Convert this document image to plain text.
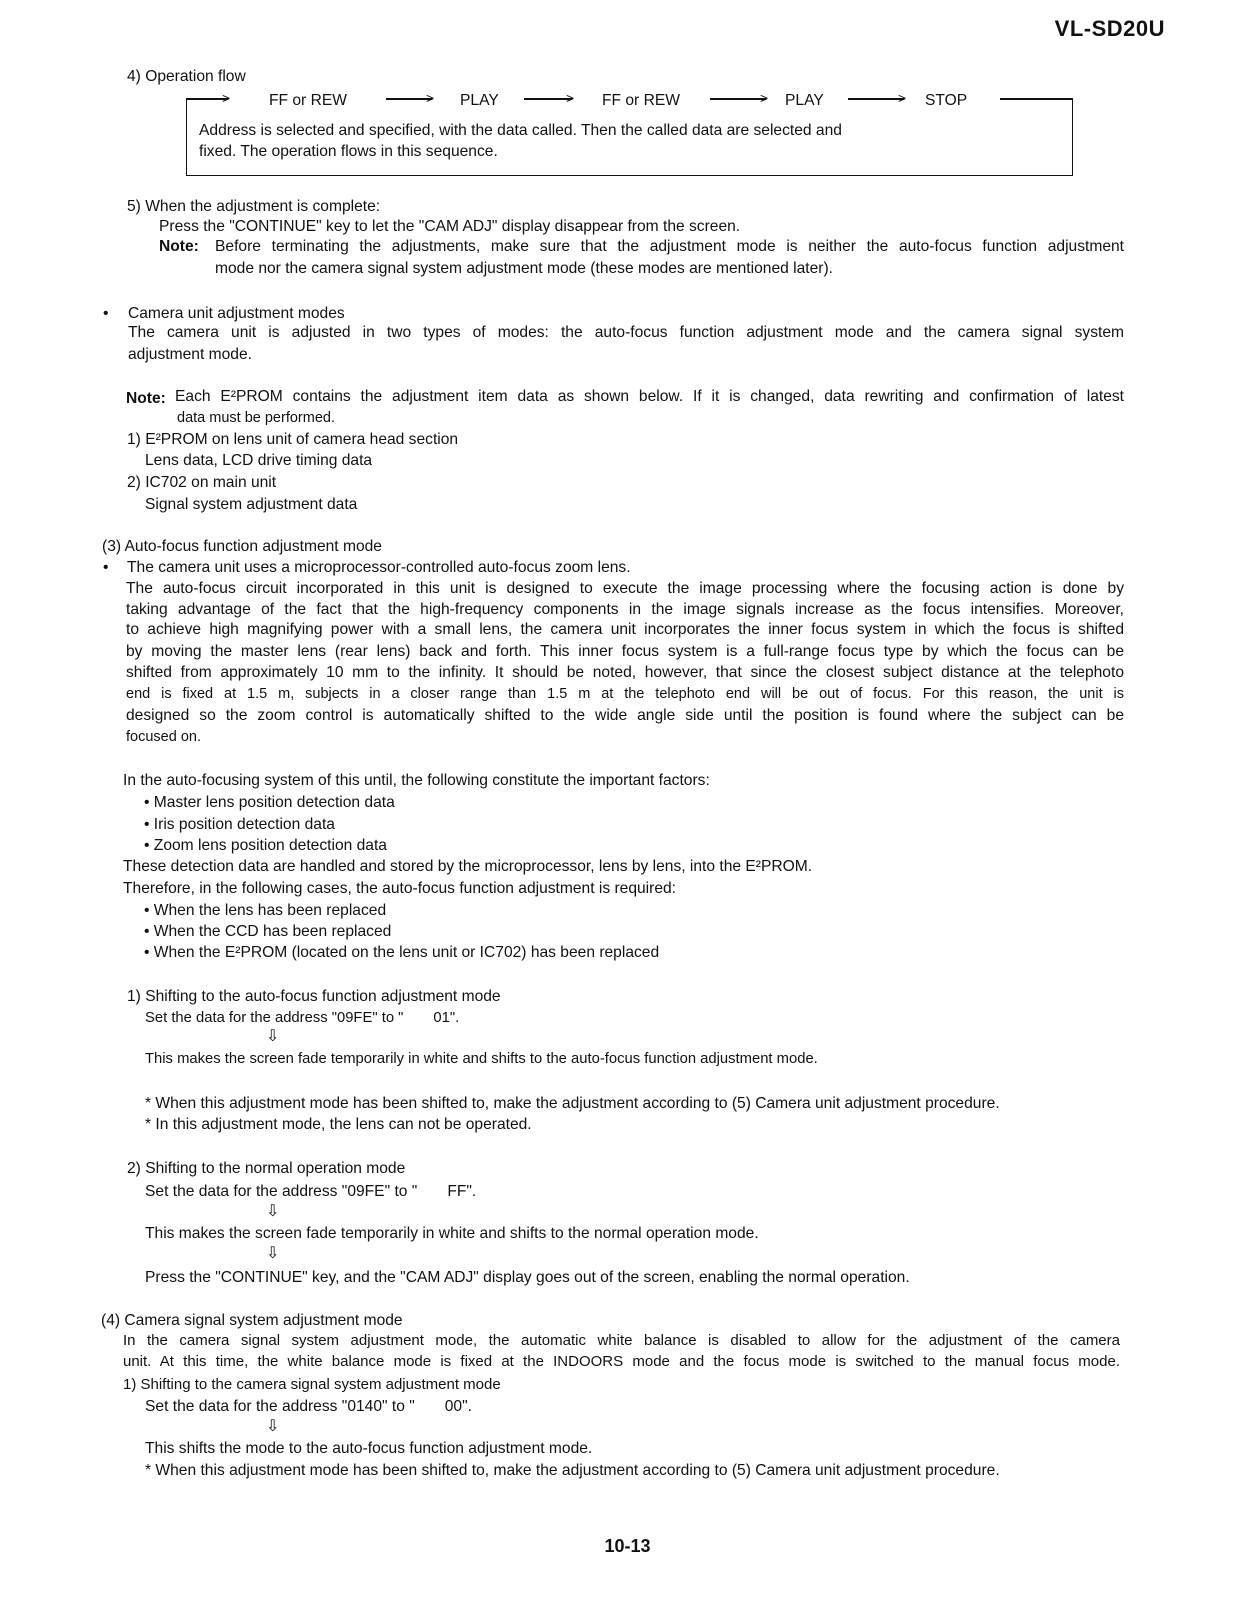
VL-SD20U
4) Operation flow
>	>	>	>	>
FF or REW	PLAY	FF or REW	PLAY	STOP
Address is selected and specified, with the data called. Then the called data are selected and
fixed. The operation flows in this sequence.
5) When the adjustment is complete:
Press the "CONTINUE" key to let the "CAM ADJ" display disappear from the screen.
Note: Before terminating the adjustments, make sure that the adjustment mode is neither the auto-focus function adjustment
mode nor the camera signal system adjustment mode (these modes are mentioned later).
• Camera unit adjustment modes
The camera unit is adjusted in two types of modes: the auto-focus function adjustment mode and the camera signal system
adjustment mode.
Note: Each E²PROM contains the adjustment item data as shown below. If it is changed, data rewriting and confirmation of latest
data must be performed.
1) E²PROM on lens unit of camera head section
Lens data, LCD drive timing data
2) IC702 on main unit
Signal system adjustment data
(3) Auto-focus function adjustment mode
• The camera unit uses a microprocessor-controlled auto-focus zoom lens.
The auto-focus circuit incorporated in this unit is designed to execute the image processing where the focusing action is done by
taking advantage of the fact that the high-frequency components in the image signals increase as the focus intensifies. Moreover,
to achieve high magnifying power with a small lens, the camera unit incorporates the inner focus system in which the focus is shifted
by moving the master lens (rear lens) back and forth. This inner focus system is a full-range focus type by which the focus can be
shifted from approximately 10 mm to the infinity. It should be noted, however, that since the closest subject distance at the telephoto
end is fixed at 1.5 m, subjects in a closer range than 1.5 m at the telephoto end will be out of focus. For this reason, the unit is
designed so the zoom control is automatically shifted to the wide angle side until the position is found where the subject can be
focused on.
In the auto-focusing system of this until, the following constitute the important factors:
• Master lens position detection data
• Iris position detection data
• Zoom lens position detection data
These detection data are handled and stored by the microprocessor, lens by lens, into the E²PROM.
Therefore, in the following cases, the auto-focus function adjustment is required:
• When the lens has been replaced
• When the CCD has been replaced
• When the E²PROM (located on the lens unit or IC702) has been replaced
1) Shifting to the auto-focus function adjustment mode
Set the data for the address "09FE" to " 01".
⇩
This makes the screen fade temporarily in white and shifts to the auto-focus function adjustment mode.
* When this adjustment mode has been shifted to, make the adjustment according to (5) Camera unit adjustment procedure.
* In this adjustment mode, the lens can not be operated.
2) Shifting to the normal operation mode
Set the data for the address "09FE" to " FF".
⇩
This makes the screen fade temporarily in white and shifts to the normal operation mode.
⇩
Press the "CONTINUE" key, and the "CAM ADJ" display goes out of the screen, enabling the normal operation.
(4) Camera signal system adjustment mode
In the camera signal system adjustment mode, the automatic white balance is disabled to allow for the adjustment of the camera
unit. At this time, the white balance mode is fixed at the INDOORS mode and the focus mode is switched to the manual focus mode.
1) Shifting to the camera signal system adjustment mode
Set the data for the address "0140" to " 00".
⇩
This shifts the mode to the auto-focus function adjustment mode.
* When this adjustment mode has been shifted to, make the adjustment according to (5) Camera unit adjustment procedure.
10-13
